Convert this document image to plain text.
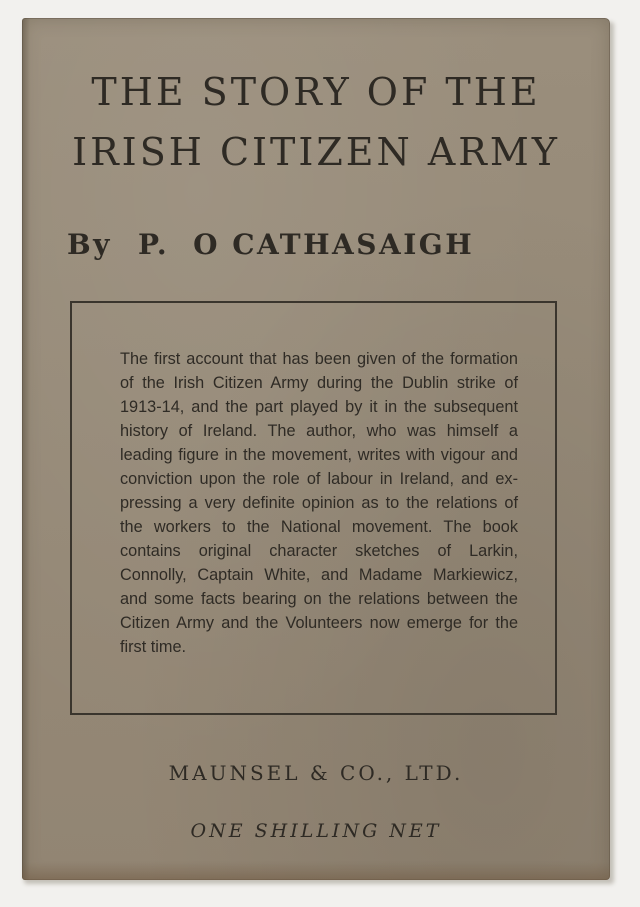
THE STORY OF THE
IRISH CITIZEN ARMY
By P. O CATHASAIGH

The first account that has been given of the formation of the Irish Citizen Army during the Dublin strike of 1913-14, and the part played by it in the subsequent history of Ireland. The author, who was himself a leading figure in the movement, writes with vigour and conviction upon the role of labour in Ireland, and expressing a very definite opinion as to the relations of the workers to the National movement. The book contains original character sketches of Larkin, Connolly, Captain White, and Madame Markiewicz, and some facts bearing on the relations between the Citizen Army and the Volunteers now emerge for the first time.

MAUNSEL & CO., LTD.
ONE SHILLING NET
